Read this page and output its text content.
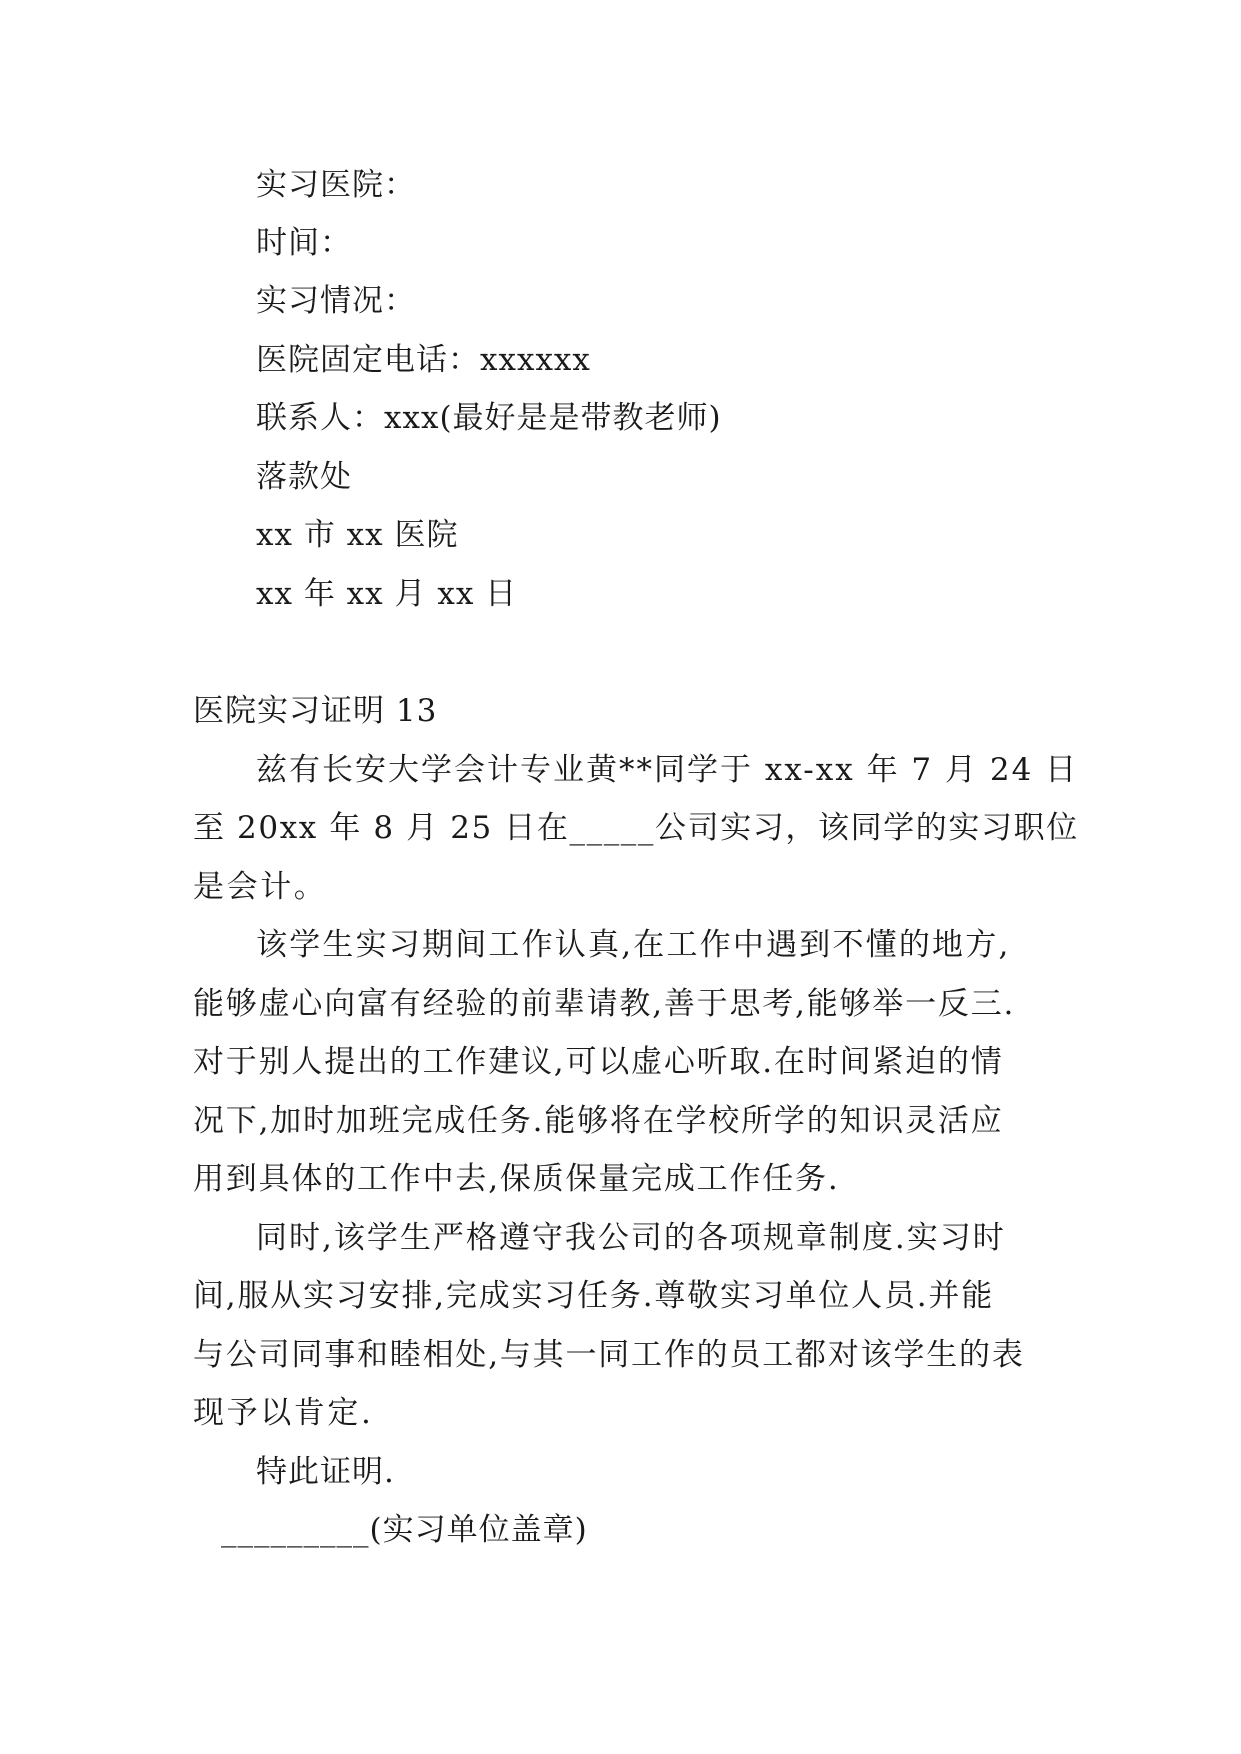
实习医院：
时间：
实习情况：
医院固定电话：xxxxxx
联系人：xxx(最好是是带教老师)
落款处
xx 市 xx 医院
xx 年 xx 月 xx 日
医院实习证明 13
兹有长安大学会计专业黄**同学于 xx-xx 年 7 月 24 日
至 20xx 年 8 月 25 日在_____公司实习，该同学的实习职位
是会计。
该学生实习期间工作认真,在工作中遇到不懂的地方,
能够虚心向富有经验的前辈请教,善于思考,能够举一反三.
对于别人提出的工作建议,可以虚心听取.在时间紧迫的情
况下,加时加班完成任务.能够将在学校所学的知识灵活应
用到具体的工作中去,保质保量完成工作任务.
同时,该学生严格遵守我公司的各项规章制度.实习时
间,服从实习安排,完成实习任务.尊敬实习单位人员.并能
与公司同事和睦相处,与其一同工作的员工都对该学生的表
现予以肯定.
特此证明.
_________(实习单位盖章)
